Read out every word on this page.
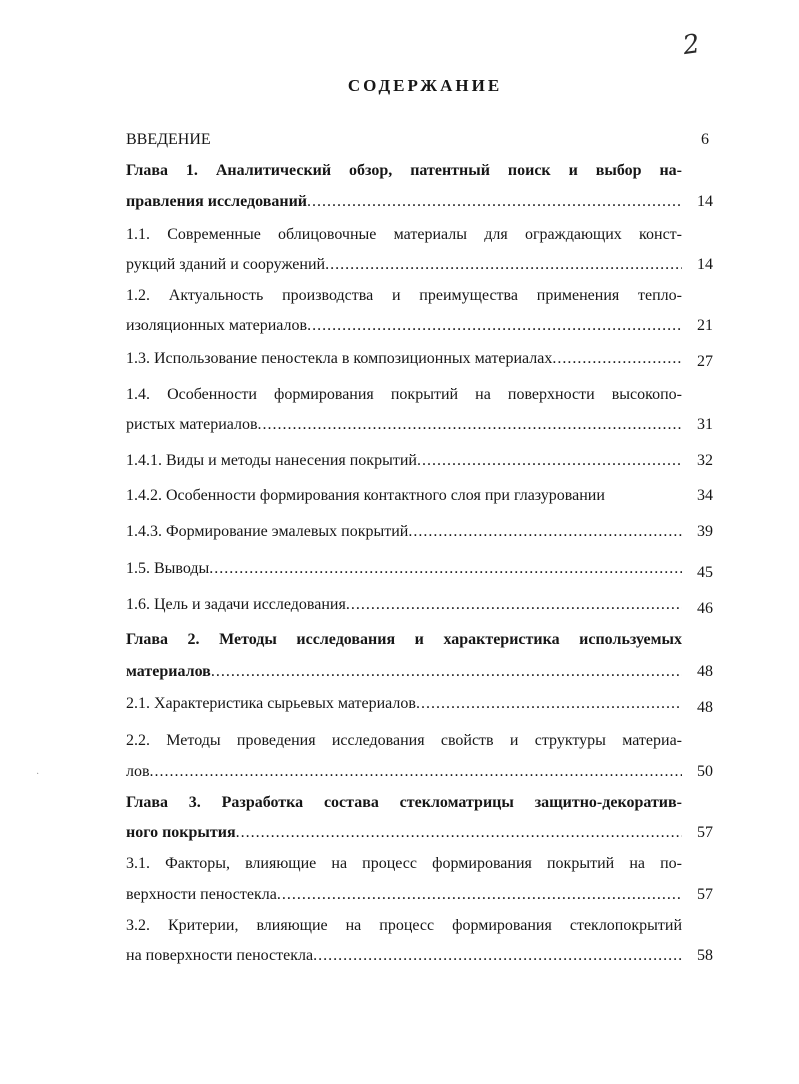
2
СОДЕРЖАНИЕ
ВВЕДЕНИЕ	6
Глава 1. Аналитический обзор, патентный поиск и выбор на-
правления исследований .....	14
1.1. Современные облицовочные материалы для ограждающих конст-
рукций зданий и сооружений .....	14
1.2. Актуальность производства и преимущества применения тепло-
изоляционных материалов .....	21
1.3. Использование пеностекла в композиционных материалах .....	27
1.4. Особенности формирования покрытий на поверхности высокопо-
ристых материалов .....	31
1.4.1. Виды и методы нанесения покрытий .....	32
1.4.2. Особенности формирования контактного слоя при глазуровании	34
1.4.3. Формирование эмалевых покрытий .....	39
1.5. Выводы .....	45
1.6. Цель и задачи исследования .....	46
Глава 2. Методы исследования и характеристика используемых
материалов .....	48
2.1. Характеристика сырьевых материалов .....	48
2.2. Методы проведения исследования свойств и структуры материа-
лов .....	50
Глава 3. Разработка состава стекломатрицы защитно-декоратив-
ного покрытия .....	57
3.1. Факторы, влияющие на процесс формирования покрытий на по-
верхности пеностекла .....	57
3.2. Критерии, влияющие на процесс формирования стеклопокрытий
на поверхности пеностекла .....	58
·
